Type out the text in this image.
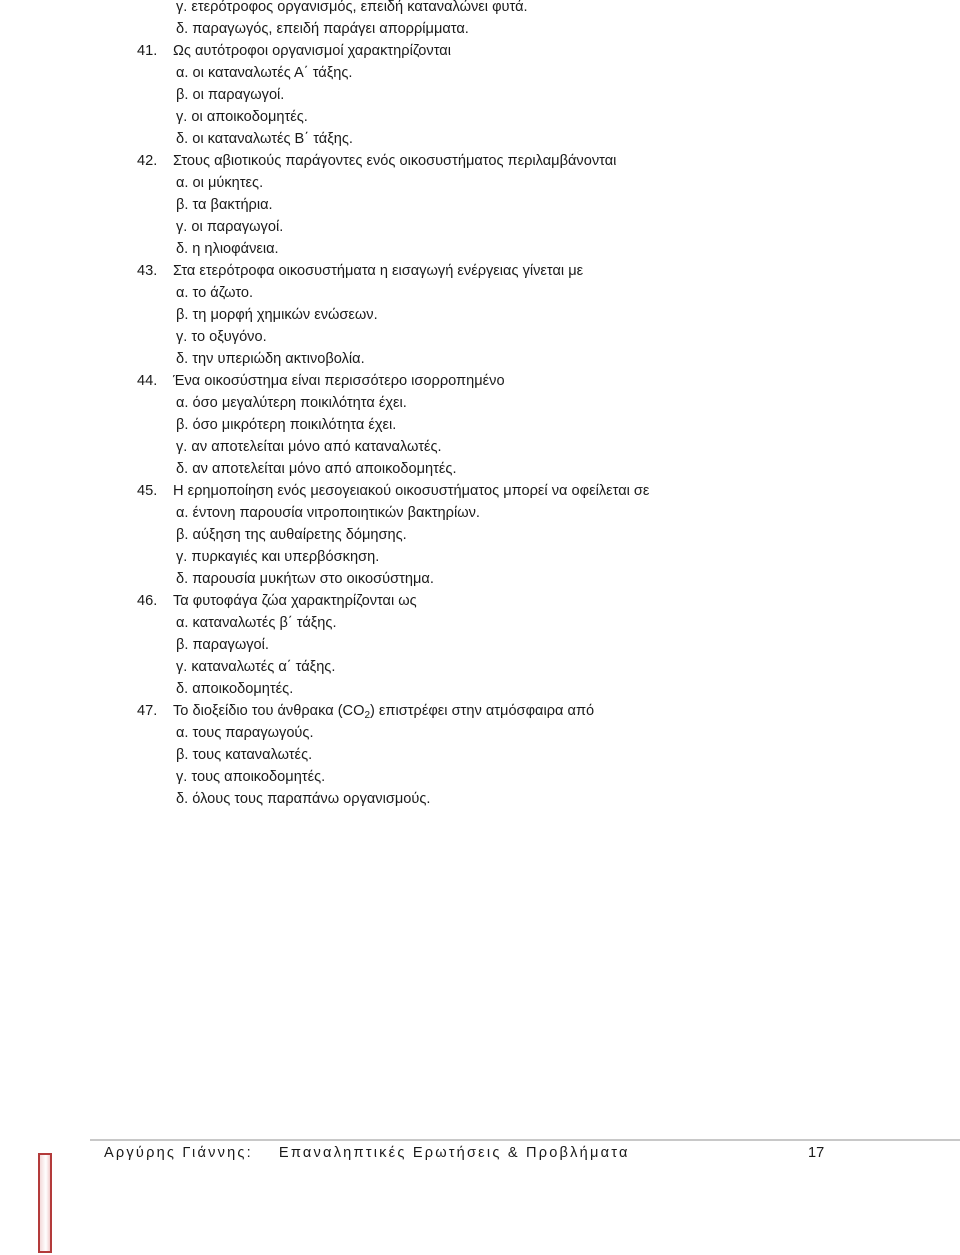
γ. ετερότροφος οργανισμός, επειδή καταναλώνει φυτά.
δ. παραγωγός, επειδή παράγει απορρίμματα.
41.	Ως αυτότροφοι οργανισμοί χαρακτηρίζονται
α. οι καταναλωτές Α΄ τάξης.
β. οι παραγωγοί.
γ. οι αποικοδομητές.
δ. οι καταναλωτές Β΄ τάξης.
42.	Στους αβιοτικούς παράγοντες ενός οικοσυστήματος περιλαμβάνονται
α. οι μύκητες.
β. τα βακτήρια.
γ. οι παραγωγοί.
δ. η ηλιοφάνεια.
43.	Στα ετερότροφα οικοσυστήματα η εισαγωγή ενέργειας γίνεται με
α. το άζωτο.
β. τη μορφή χημικών ενώσεων.
γ. το οξυγόνο.
δ. την υπεριώδη ακτινοβολία.
44.	Ένα οικοσύστημα είναι περισσότερο ισορροπημένο
α. όσο μεγαλύτερη ποικιλότητα έχει.
β. όσο μικρότερη ποικιλότητα έχει.
γ. αν αποτελείται μόνο από καταναλωτές.
δ. αν αποτελείται μόνο από αποικοδομητές.
45.	Η ερημοποίηση ενός μεσογειακού οικοσυστήματος μπορεί να οφείλεται σε
α. έντονη παρουσία νιτροποιητικών βακτηρίων.
β. αύξηση της αυθαίρετης δόμησης.
γ. πυρκαγιές και υπερβόσκηση.
δ. παρουσία μυκήτων στο οικοσύστημα.
46.	Τα φυτοφάγα ζώα χαρακτηρίζονται ως
α. καταναλωτές β΄ τάξης.
β. παραγωγοί.
γ. καταναλωτές α΄ τάξης.
δ. αποικοδομητές.
47.	Το διοξείδιο του άνθρακα $(CO_2)$ επιστρέφει στην ατμόσφαιρα από
α. τους παραγωγούς.
β. τους καταναλωτές.
γ. τους αποικοδομητές.
δ. όλους τους παραπάνω οργανισμούς.
Αργύρης Γιάννης: Επαναληπτικές Ερωτήσεις & Προβλήματα	17
